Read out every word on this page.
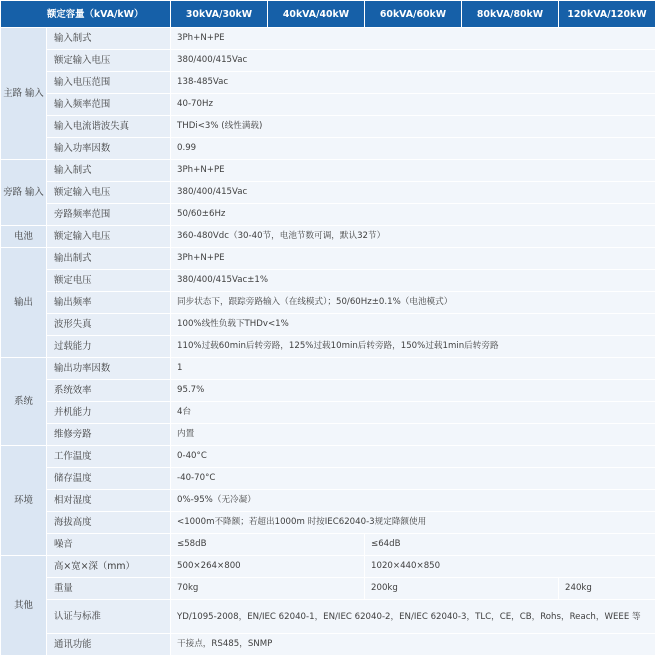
额定容量（kVA/kW）		30kVA/30kW	40kVA/40kW	60kVA/60kW	80kVA/80kW	120kVA/120kW
主路 输入	输入制式	3Ph+N+PE				
	额定输入电压	380/400/415Vac				
	输入电压范围	138-485Vac				
	输入频率范围	40-70Hz				
	输入电流谐波失真	THDi<3% (线性满载)				
	输入功率因数	0.99				
旁路 输入	输入制式	3Ph+N+PE				
	额定输入电压	380/400/415Vac				
	旁路频率范围	50/60±6Hz				
电池	额定输入电压	360-480Vdc（30-40节，电池节数可调，默认32节）				
输出	输出制式	3Ph+N+PE				
	额定电压	380/400/415Vac±1%				
	输出频率	同步状态下，跟踪旁路输入（在线模式）；50/60Hz±0.1%（电池模式）				
	波形失真	100%线性负载下THDv<1%				
	过载能力	110%过载60min后转旁路，125%过载10min后转旁路，150%过载1min后转旁路				
系统	输出功率因数	1				
	系统效率	95.7%				
	并机能力	4台				
	维修旁路	内置				
环境	工作温度	0-40°C				
	储存温度	-40-70°C				
	相对湿度	0%-95%（无冷凝）				
	海拔高度	<1000m不降额；若超出1000m 时按IEC62040-3规定降额使用				
	噪音	≤58dB		≤64dB		
其他	高×宽×深（mm）	500×264×800		1020×440×850		
	重量	70kg		200kg		240kg
	认证与标准	YD/1095-2008，EN/IEC 62040-1，EN/IEC 62040-2，EN/IEC 62040-3，TLC，CE，CB，Rohs，Reach，WEEE 等				
	通讯功能	干接点，RS485，SNMP				
